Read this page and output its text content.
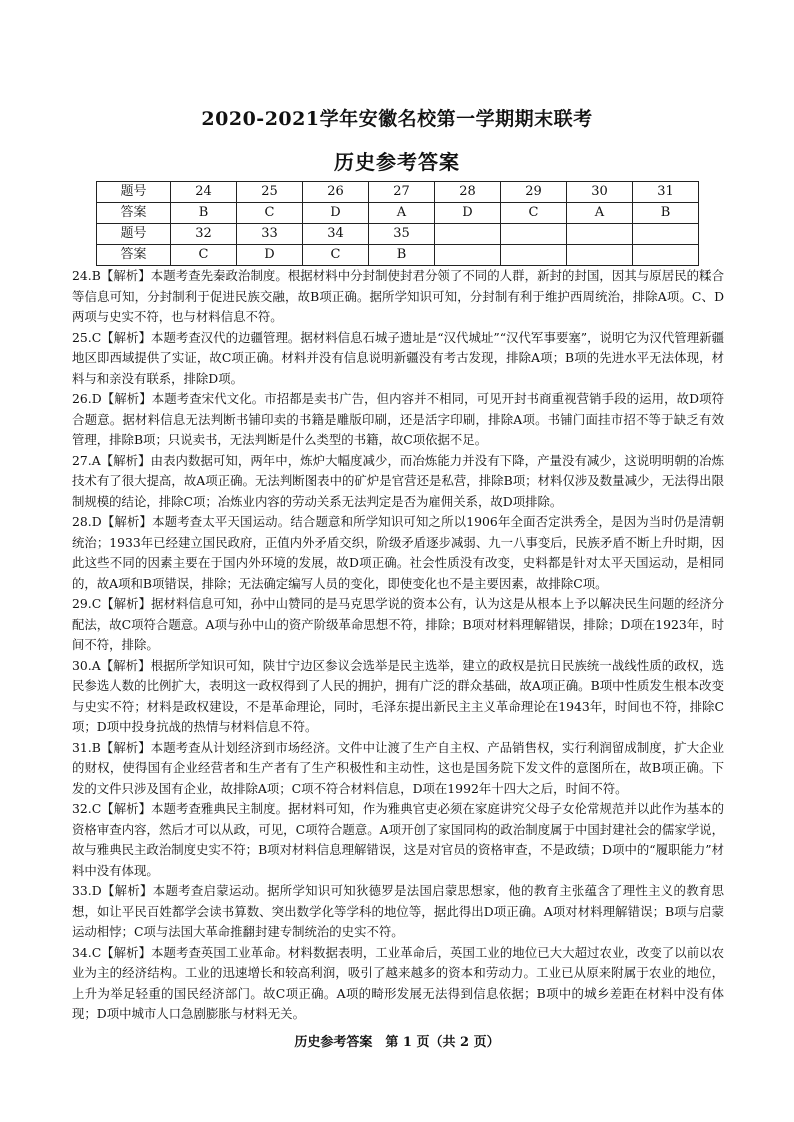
2020-2021学年安徽名校第一学期期末联考
历史参考答案
题号	24	25	26	27	28	29	30	31
答案	B	C	D	A	D	C	A	B
题号	32	33	34	35				
答案	C	D	C	B				

24.B【解析】本题考查先秦政治制度。根据材料中分封制使封君分领了不同的人群，新封的封国，因其与原居民的糅合等信息可知，分封制利于促进民族交融，故B项正确。据所学知识可知，分封制有利于维护西周统治，排除A项。C、D两项与史实不符，也与材料信息不符。

25.C【解析】本题考查汉代的边疆管理。据材料信息石城子遗址是“汉代城址”“汉代军事要塞”，说明它为汉代管理新疆地区即西域提供了实证，故C项正确。材料并没有信息说明新疆没有考古发现，排除A项；B项的先进水平无法体现，材料与和亲没有联系，排除D项。

26.D【解析】本题考查宋代文化。市招都是卖书广告，但内容并不相同，可见开封书商重视营销手段的运用，故D项符合题意。据材料信息无法判断书铺印卖的书籍是雕版印刷，还是活字印刷，排除A项。书铺门面挂市招不等于缺乏有效管理，排除B项；只说卖书，无法判断是什么类型的书籍，故C项依据不足。

27.A【解析】由表内数据可知，两年中，炼炉大幅度减少，而冶炼能力并没有下降，产量没有减少，这说明明朝的冶炼技术有了很大提高，故A项正确。无法判断图表中的矿炉是官营还是私营，排除B项；材料仅涉及数量减少，无法得出限制规模的结论，排除C项；冶炼业内容的劳动关系无法判定是否为雇佣关系，故D项排除。

28.D【解析】本题考查太平天国运动。结合题意和所学知识可知之所以1906年全面否定洪秀全，是因为当时仍是清朝统治；1933年已经建立国民政府，正值内外矛盾交织，阶级矛盾逐步减弱、九一八事变后，民族矛盾不断上升时期，因此这些不同的因素主要在于国内外环境的发展，故D项正确。社会性质没有改变，史料都是针对太平天国运动，是相同的，故A项和B项错误，排除；无法确定编写人员的变化，即使变化也不是主要因素，故排除C项。

29.C【解析】据材料信息可知，孙中山赞同的是马克思学说的资本公有，认为这是从根本上予以解决民生问题的经济分配法，故C项符合题意。A项与孙中山的资产阶级革命思想不符，排除；B项对材料理解错误，排除；D项在1923年，时间不符，排除。

30.A【解析】根据所学知识可知，陕甘宁边区参议会选举是民主选举，建立的政权是抗日民族统一战线性质的政权，选民参选人数的比例扩大，表明这一政权得到了人民的拥护，拥有广泛的群众基础，故A项正确。B项中性质发生根本改变与史实不符；材料是政权建设，不是革命理论，同时，毛泽东提出新民主主义革命理论在1943年，时间也不符，排除C项；D项中投身抗战的热情与材料信息不符。

31.B【解析】本题考查从计划经济到市场经济。文件中让渡了生产自主权、产品销售权，实行利润留成制度，扩大企业的财权，使得国有企业经营者和生产者有了生产积极性和主动性，这也是国务院下发文件的意图所在，故B项正确。下发的文件只涉及国有企业，故排除A项；C项不符合材料信息，D项在1992年十四大之后，时间不符。

32.C【解析】本题考查雅典民主制度。据材料可知，作为雅典官吏必须在家庭讲究父母子女伦常规范并以此作为基本的资格审查内容，然后才可以从政，可见，C项符合题意。A项开创了家国同构的政治制度属于中国封建社会的儒家学说，故与雅典民主政治制度史实不符；B项对材料信息理解错误，这是对官员的资格审查，不是政绩；D项中的“履职能力”材料中没有体现。

33.D【解析】本题考查启蒙运动。据所学知识可知狄德罗是法国启蒙思想家，他的教育主张蕴含了理性主义的教育思想，如让平民百姓都学会读书算数、突出数学化等学科的地位等，据此得出D项正确。A项对材料理解错误；B项与启蒙运动相悖；C项与法国大革命推翻封建专制统治的史实不符。

34.C【解析】本题考查英国工业革命。材料数据表明，工业革命后，英国工业的地位已大大超过农业，改变了以前以农业为主的经济结构。工业的迅速增长和较高利润，吸引了越来越多的资本和劳动力。工业已从原来附属于农业的地位，上升为举足轻重的国民经济部门。故C项正确。A项的畸形发展无法得到信息依据；B项中的城乡差距在材料中没有体现；D项中城市人口急剧膨胀与材料无关。

历史参考答案　第 1 页（共 2 页）
